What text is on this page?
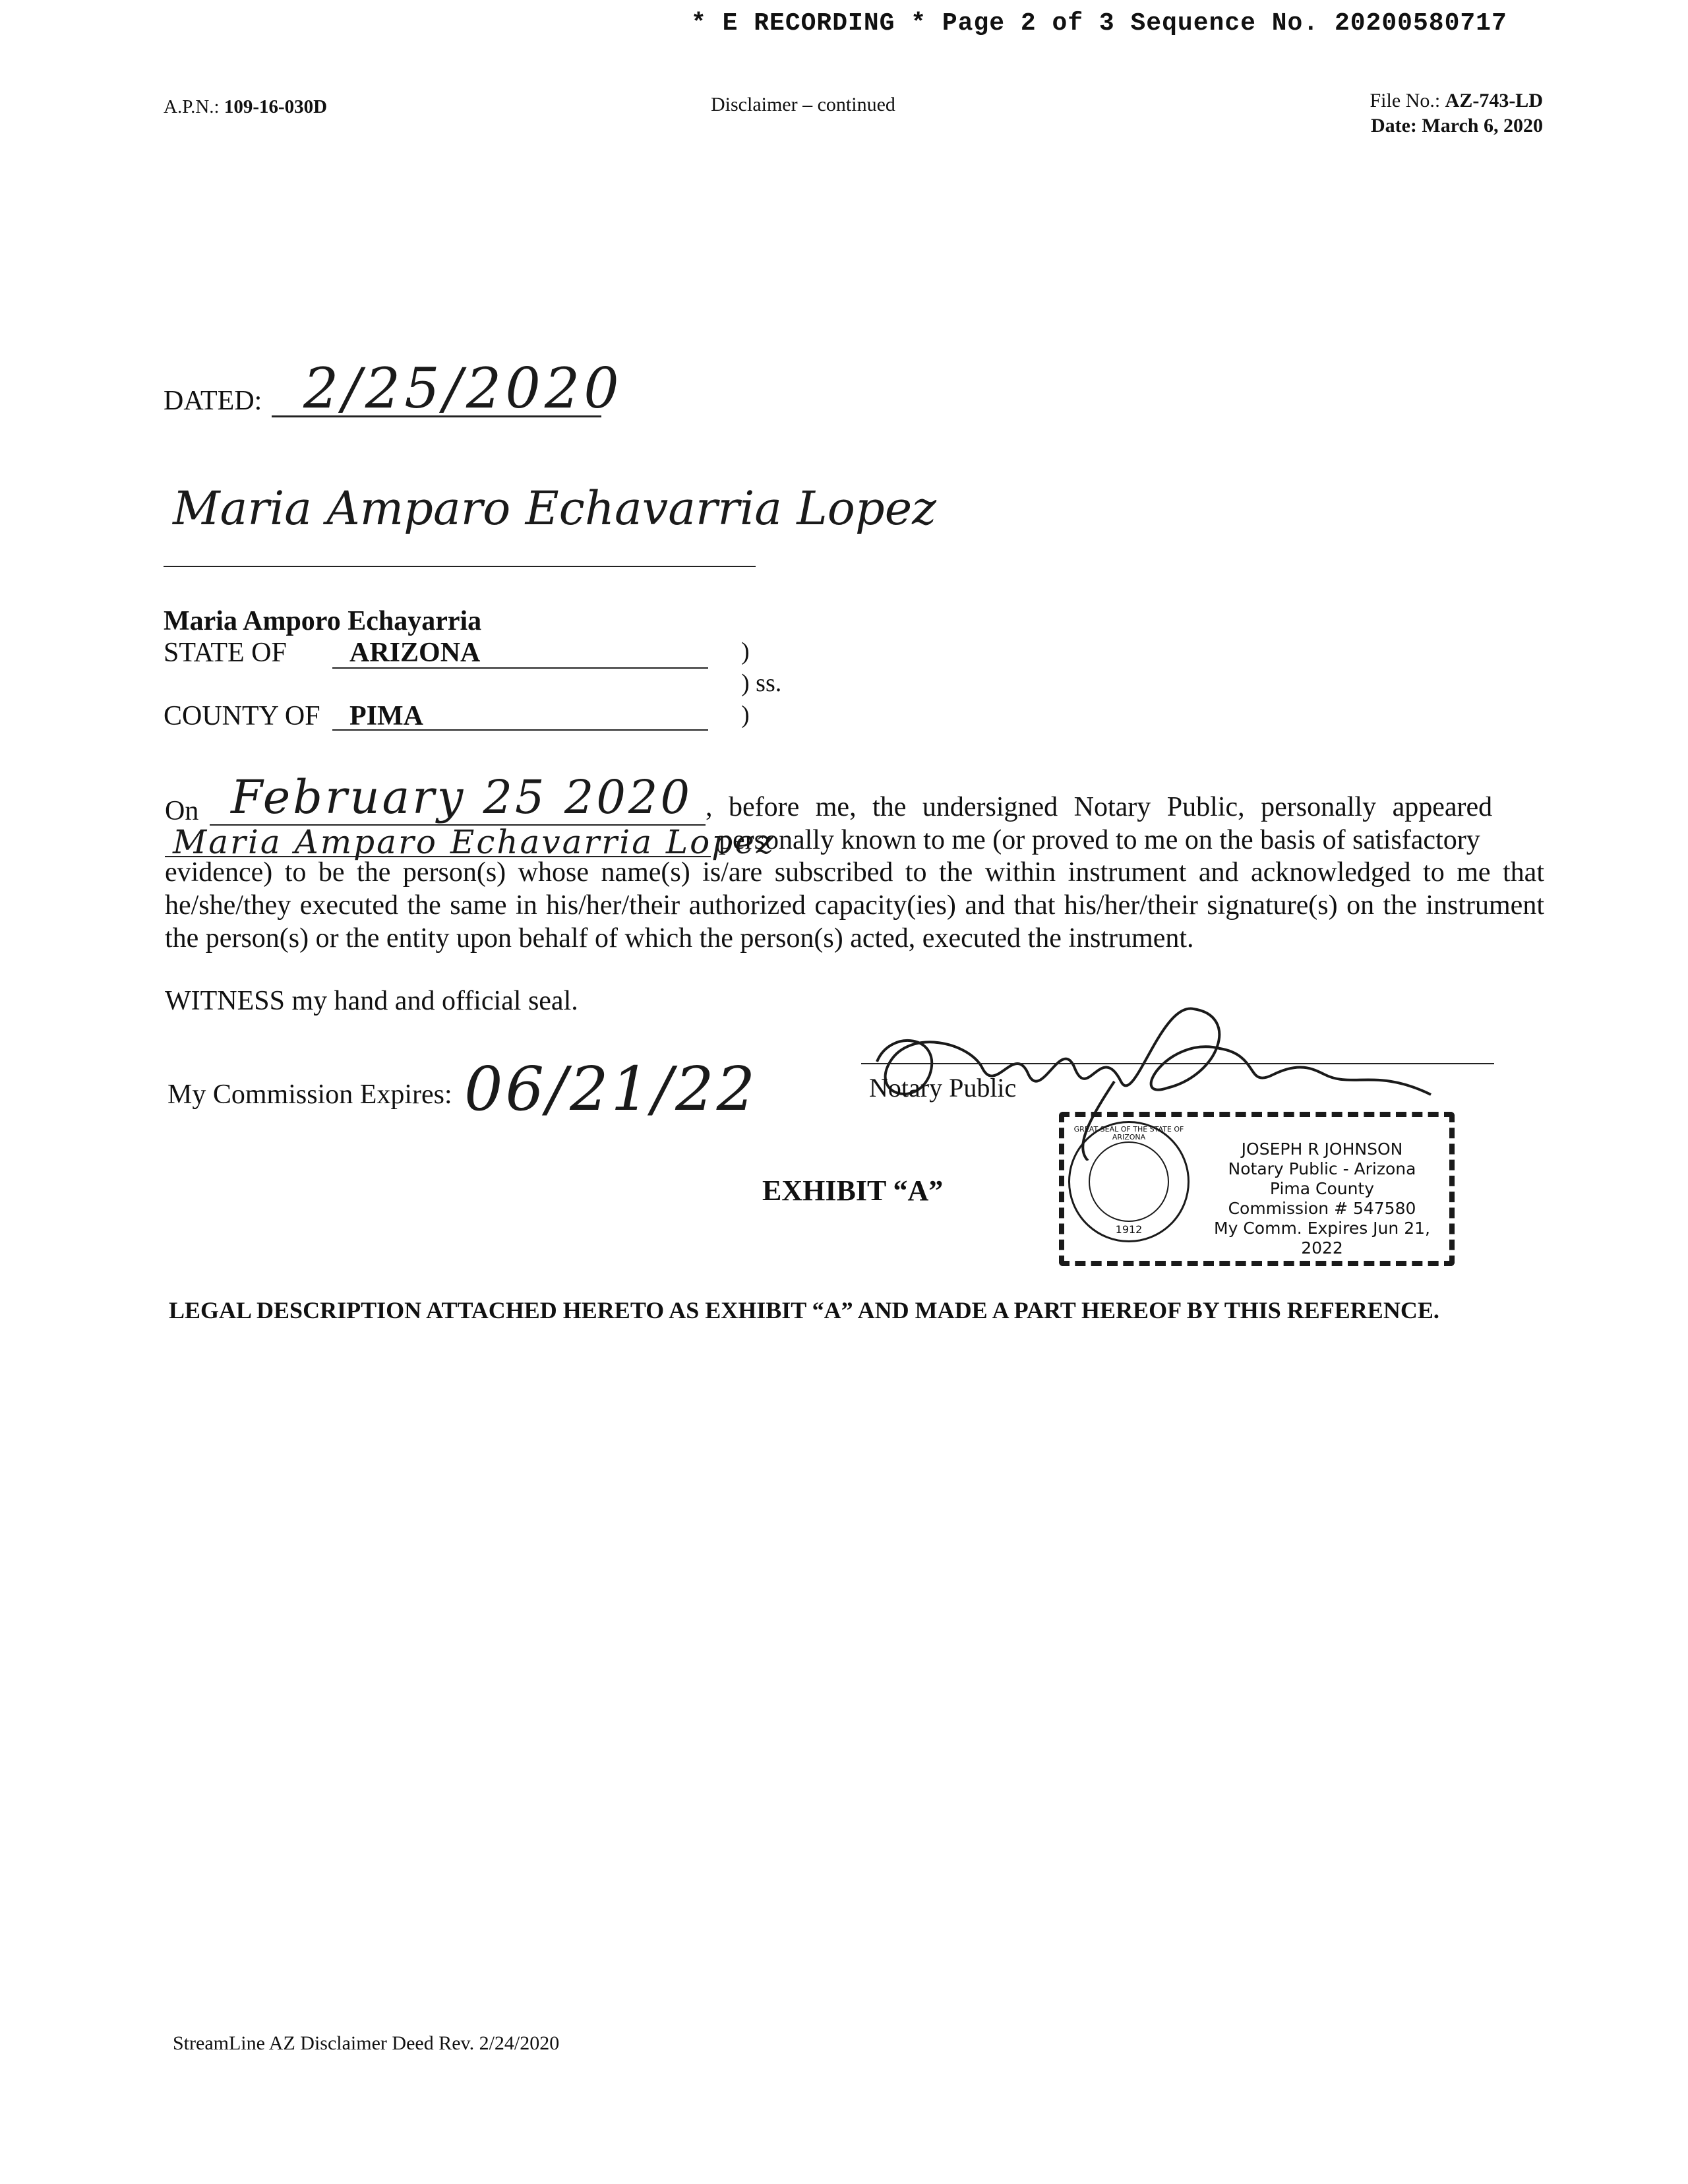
* E RECORDING * Page 2 of 3 Sequence No. 20200580717
A.P.N.: 109-16-030D	Disclaimer – continued	File No.: AZ-743-LD
Date: March 6, 2020
DATED: 2/25/2020
Maria Amparo Echavarria Lopez
Maria Amporo Echayarria
STATE OF ARIZONA	)
) ss.
)
COUNTY OF PIMA
On February 25 2020 , before me, the undersigned Notary Public, personally appeared
Maria Amparo Echavarria Lopez
personally known to me (or proved to me on the basis of satisfactory
evidence) to be the person(s) whose name(s) is/are subscribed to the within instrument and acknowledged to me that he/she/they executed the same in his/her/their authorized capacity(ies) and that his/her/their signature(s) on the instrument the person(s) or the entity upon behalf of which the person(s) acted, executed the instrument.
WITNESS my hand and official seal.
My Commission Expires: 06/21/22	Notary Public
GREAT SEAL OF THE STATE OF ARIZONA
1912
JOSEPH R JOHNSON
Notary Public - Arizona
Pima County
Commission # 547580
My Comm. Expires Jun 21, 2022
EXHIBIT “A”
LEGAL DESCRIPTION ATTACHED HERETO AS EXHIBIT “A” AND MADE A PART HEREOF BY THIS REFERENCE.
StreamLine AZ Disclaimer Deed Rev. 2/24/2020
